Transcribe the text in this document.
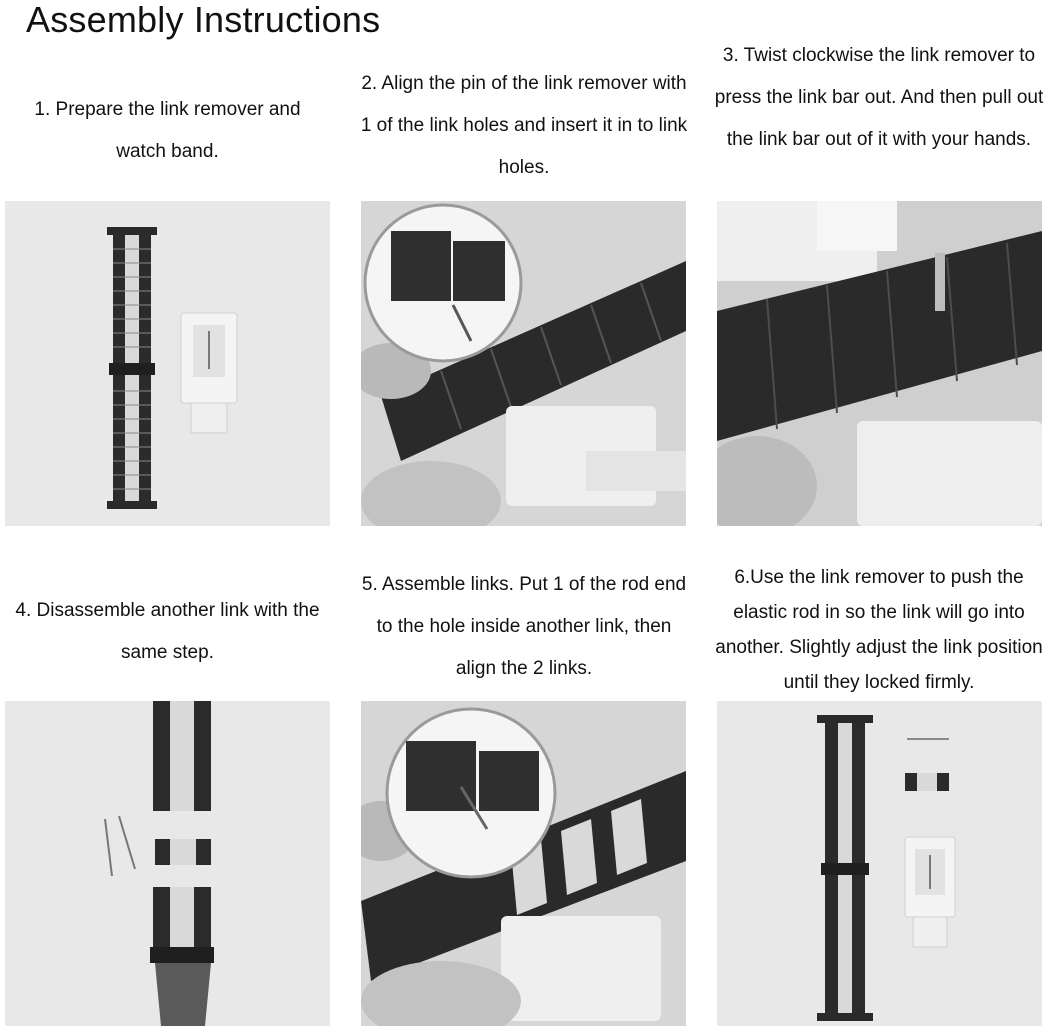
Assembly Instructions
1. Prepare the link remover and watch band.
2. Align the pin of the link remover with 1 of the link holes and insert it in to link holes.
3. Twist clockwise the link remover to press the link bar out. And then pull out the link bar out of it with your hands.
4. Disassemble another link with the same step.
5. Assemble links. Put 1 of the rod end to the hole inside another link, then align the 2 links.
6.Use the link remover to push the elastic rod in so the link will go into another. Slightly adjust the link position until they locked firmly.
